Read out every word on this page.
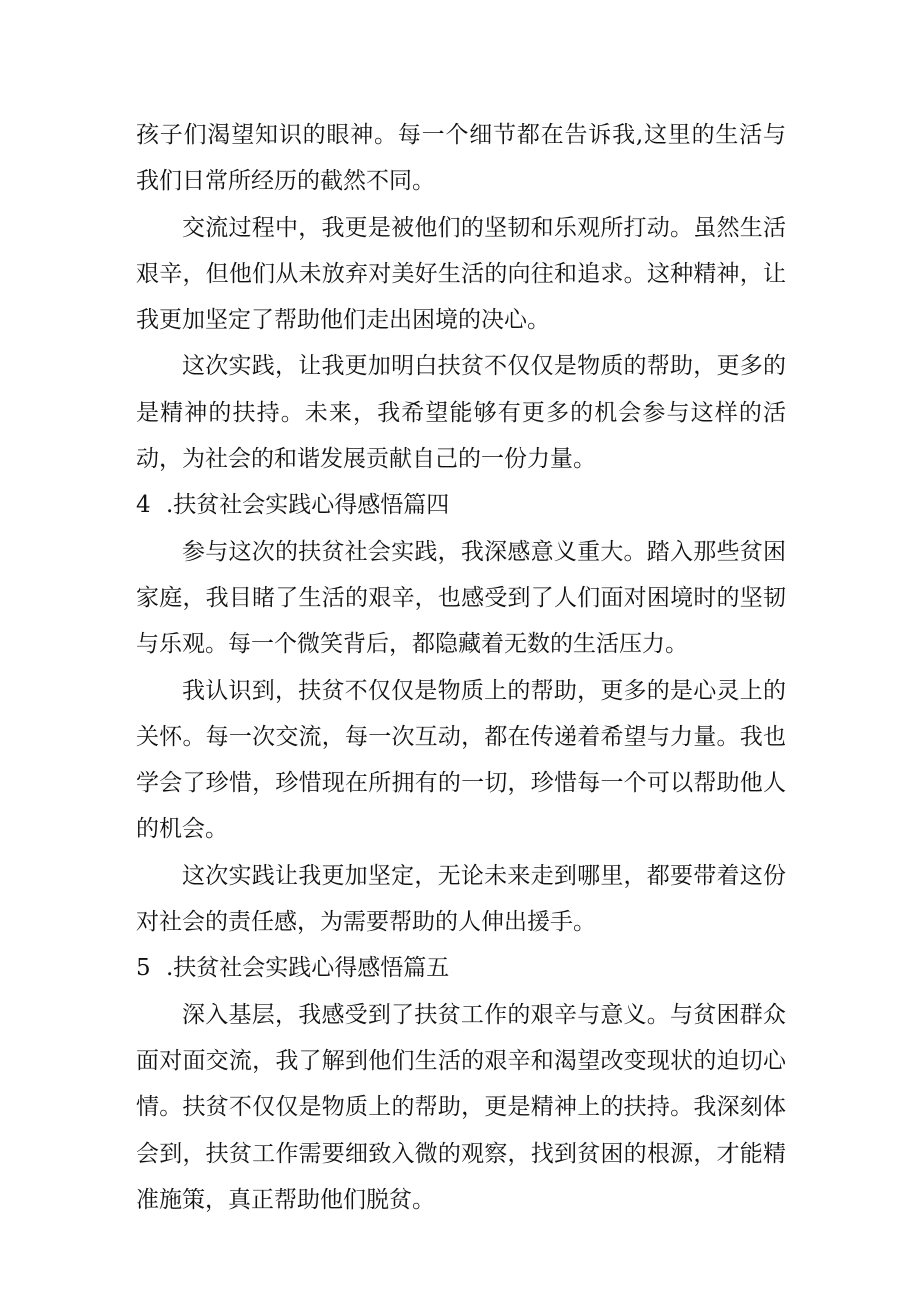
孩子们渴望知识的眼神。每一个细节都在告诉我,这里的生活与我们日常所经历的截然不同。

交流过程中，我更是被他们的坚韧和乐观所打动。虽然生活艰辛，但他们从未放弃对美好生活的向往和追求。这种精神，让我更加坚定了帮助他们走出困境的决心。

这次实践，让我更加明白扶贫不仅仅是物质的帮助，更多的是精神的扶持。未来，我希望能够有更多的机会参与这样的活动，为社会的和谐发展贡献自己的一份力量。

4 .扶贫社会实践心得感悟篇四

参与这次的扶贫社会实践，我深感意义重大。踏入那些贫困家庭，我目睹了生活的艰辛，也感受到了人们面对困境时的坚韧与乐观。每一个微笑背后，都隐藏着无数的生活压力。

我认识到，扶贫不仅仅是物质上的帮助，更多的是心灵上的关怀。每一次交流，每一次互动，都在传递着希望与力量。我也学会了珍惜，珍惜现在所拥有的一切，珍惜每一个可以帮助他人的机会。

这次实践让我更加坚定，无论未来走到哪里，都要带着这份对社会的责任感，为需要帮助的人伸出援手。

5 .扶贫社会实践心得感悟篇五

深入基层，我感受到了扶贫工作的艰辛与意义。与贫困群众面对面交流，我了解到他们生活的艰辛和渴望改变现状的迫切心情。扶贫不仅仅是物质上的帮助，更是精神上的扶持。我深刻体会到，扶贫工作需要细致入微的观察，找到贫困的根源，才能精准施策，真正帮助他们脱贫。
